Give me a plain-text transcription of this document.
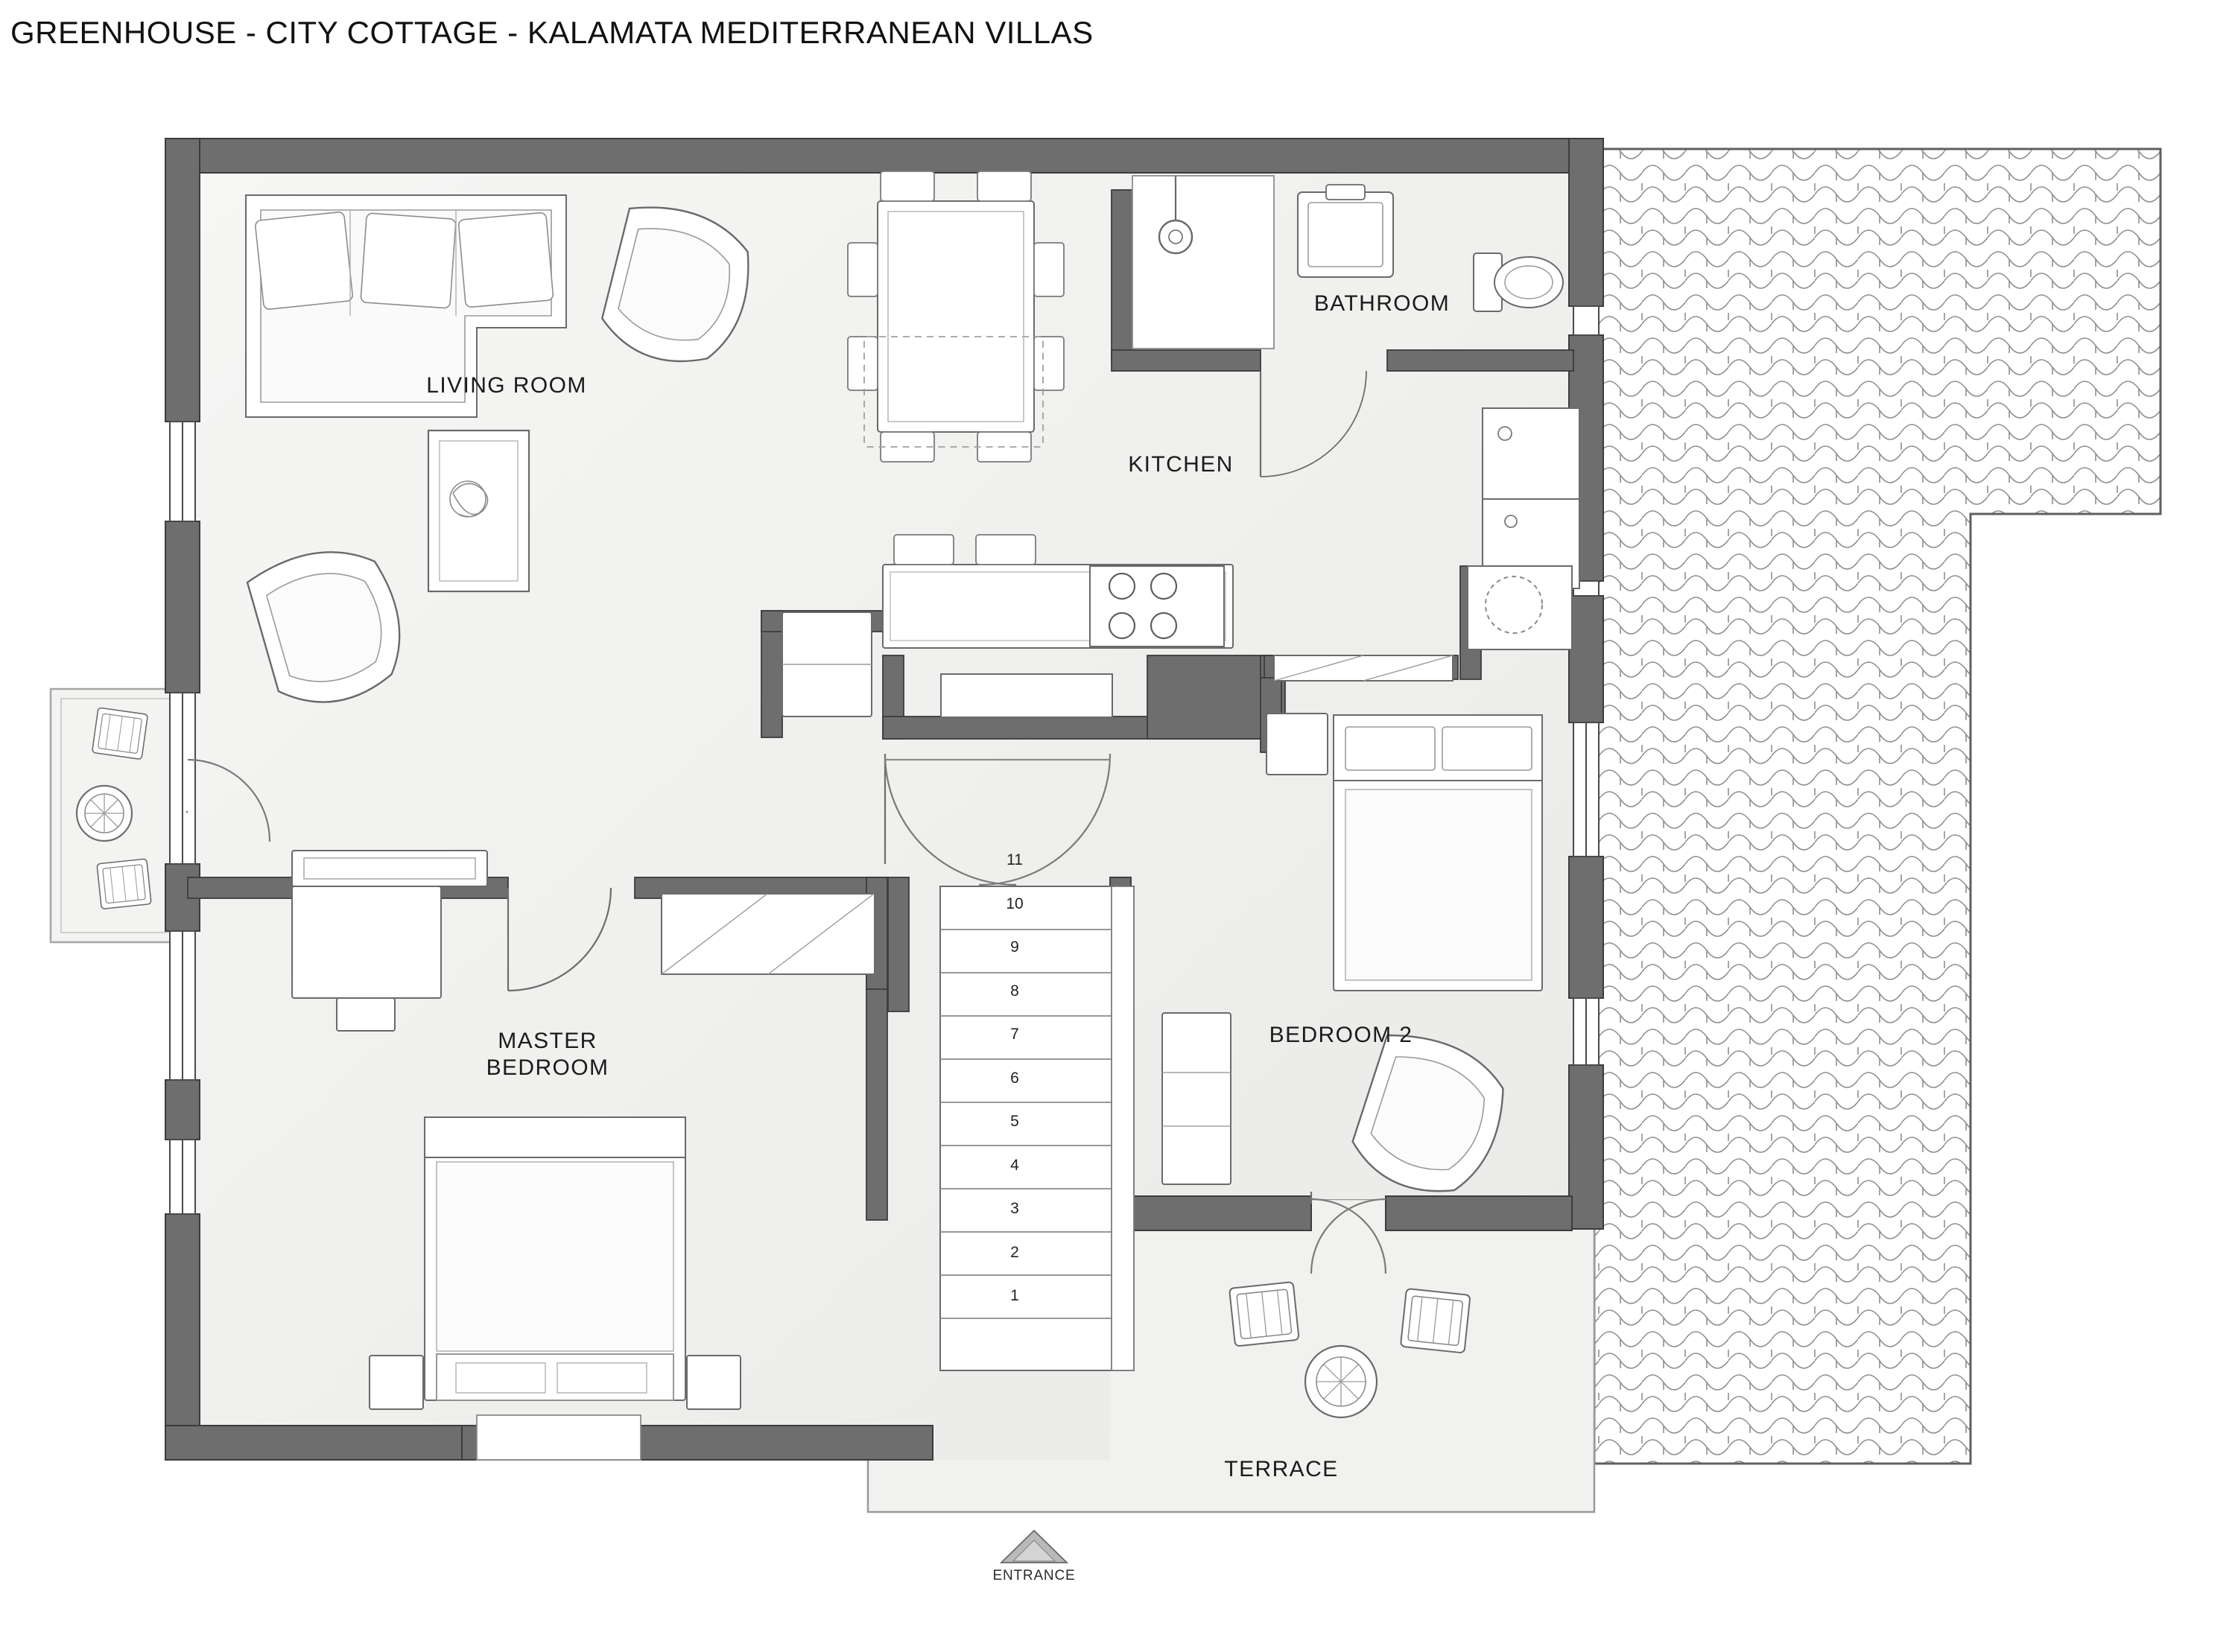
GREENHOUSE - CITY COTTAGE - KALAMATA MEDITERRANEAN VILLAS
LIVING ROOM
KITCHEN
BATHROOM
MASTER
BEDROOM
BEDROOM 2
TERRACE
ENTRANCE
11
10
9
8
7
6
5
4
3
2
1
